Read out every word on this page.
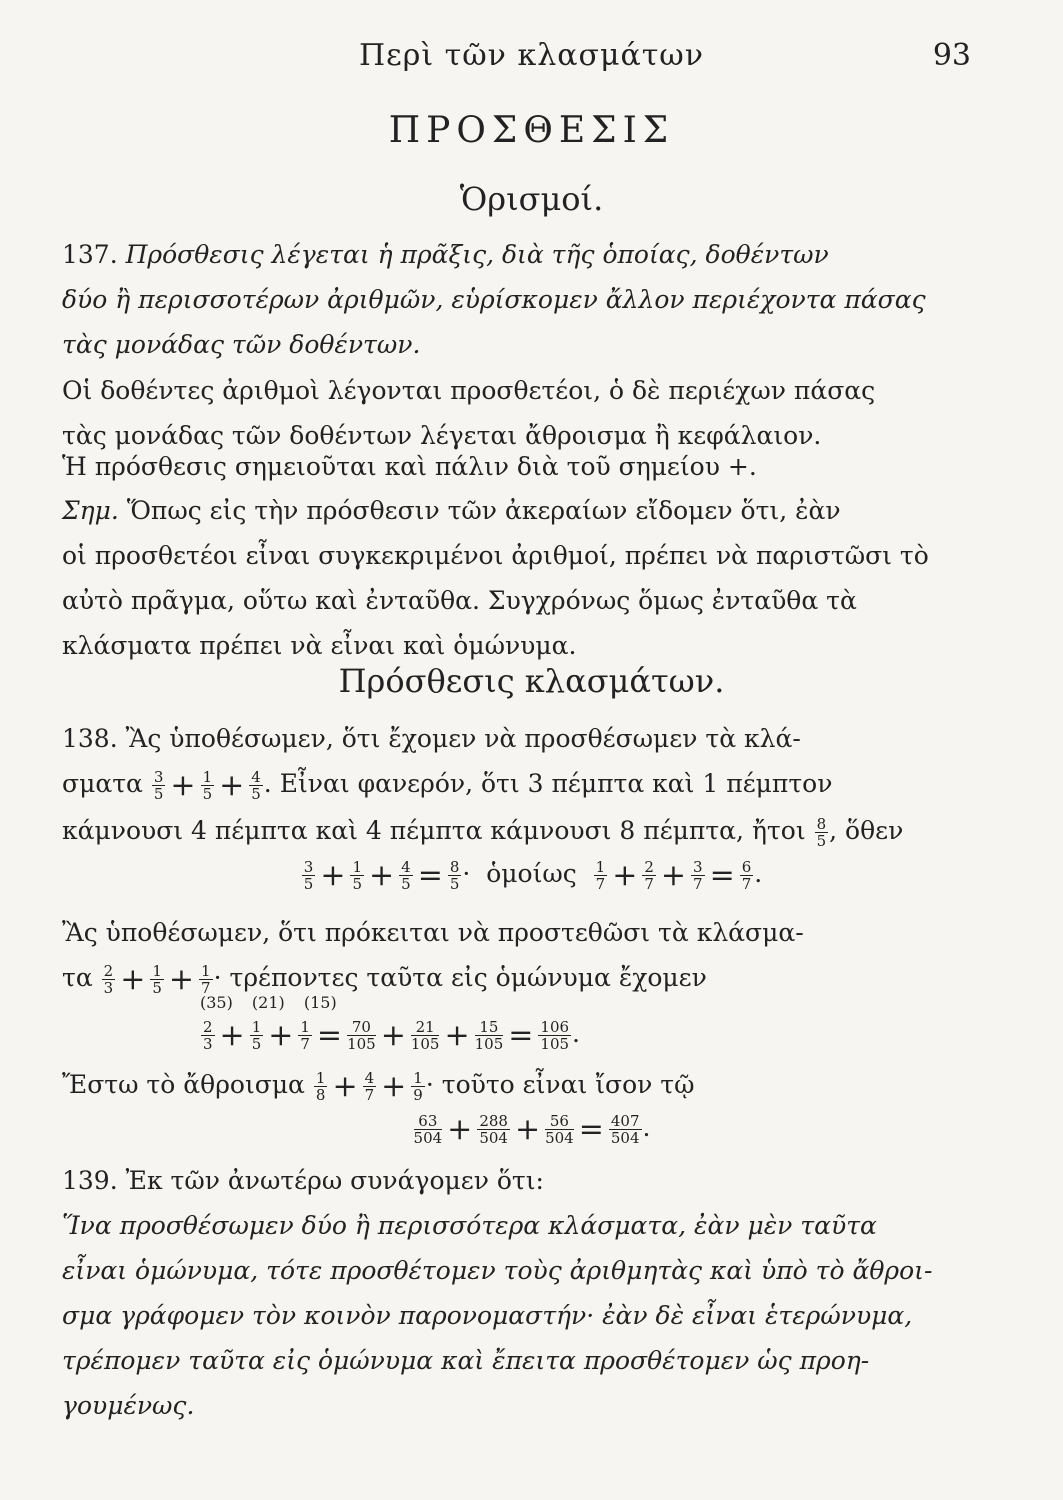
Περὶ τῶν κλασμάτων	93
ΠΡΟΣΘΕΣΙΣ
Ὁρισμοί.
137. Πρόσθεσις λέγεται ἡ πρᾶξις, διὰ τῆς ὁποίας, δοθέντων
δύο ἢ περισσοτέρων ἀριθμῶν, εὑρίσκομεν ἄλλον περιέχοντα πάσας
τὰς μονάδας τῶν δοθέντων.
Οἱ δοθέντες ἀριθμοὶ λέγονται προσθετέοι, ὁ δὲ περιέχων πάσας
τὰς μονάδας τῶν δοθέντων λέγεται ἄθροισμα ἢ κεφάλαιον.
Ἡ πρόσθεσις σημειοῦται καὶ πάλιν διὰ τοῦ σημείου +.
Σημ. Ὅπως εἰς τὴν πρόσθεσιν τῶν ἀκεραίων εἴδομεν ὅτι, ἐὰν
οἱ προσθετέοι εἶναι συγκεκριμένοι ἀριθμοί, πρέπει νὰ παριστῶσι τὸ
αὐτὸ πρᾶγμα, οὕτω καὶ ἐνταῦθα. Συγχρόνως ὅμως ἐνταῦθα τὰ
κλάσματα πρέπει νὰ εἶναι καὶ ὁμώνυμα.
Πρόσθεσις κλασμάτων.
138. Ἂς ὑποθέσωμεν, ὅτι ἔχομεν νὰ προσθέσωμεν τὰ κλά-
σματα $\frac{3}{5} + \frac{1}{5} + \frac{4}{5}$ . Εἶναι φανερόν, ὅτι 3 πέμπτα καὶ 1 πέμπτον
κάμνουσι 4 πέμπτα καὶ 4 πέμπτα κάμνουσι 8 πέμπτα, ἤτοι $\frac{8}{5}$ , ὅθεν
$\frac{3}{5} + \frac{1}{5} + \frac{4}{5} = \frac{8}{5}$ ·  ὁμοίως $\frac{1}{7} + \frac{2}{7} + \frac{3}{7} = \frac{6}{7}$ .
Ἂς ὑποθέσωμεν, ὅτι πρόκειται νὰ προστεθῶσι τὰ κλάσμα-
τα $\frac{2}{3} + \frac{1}{5} + \frac{1}{7} \cdot \tau\rho έ\pi o\nu\tau\varepsilon\varsigma$ ταῦτα εἰς ὁμώνυμα ἔχομεν
(35) (21) (15)
$\frac{2}{3} + \frac{1}{5} + \frac{1}{7} = \frac{70}{105} + \frac{21}{105} + \frac{15}{105} = \frac{106}{105}$ .
Ἔστω τὸ ἄθροισμα $\frac{1}{8} + \frac{4}{7} + \frac{1}{9}$ · τοῦτο εἶναι ἴσον τῷ
$\frac{63}{504} + \frac{288}{504} + \frac{56}{504} = \frac{407}{504}$ .
139. Ἐκ τῶν ἀνωτέρω συνάγομεν ὅτι:
Ἵνα προσθέσωμεν δύο ἢ περισσότερα κλάσματα, ἐὰν μὲν ταῦτα
εἶναι ὁμώνυμα, τότε προσθέτομεν τοὺς ἀριθμητὰς καὶ ὑπὸ τὸ ἄθροι-
σμα γράφομεν τὸν κοινὸν παρονομαστήν· ἐὰν δὲ εἶναι ἑτερώνυμα,
τρέπομεν ταῦτα εἰς ὁμώνυμα καὶ ἔπειτα προσθέτομεν ὡς προη-
γουμένως.
